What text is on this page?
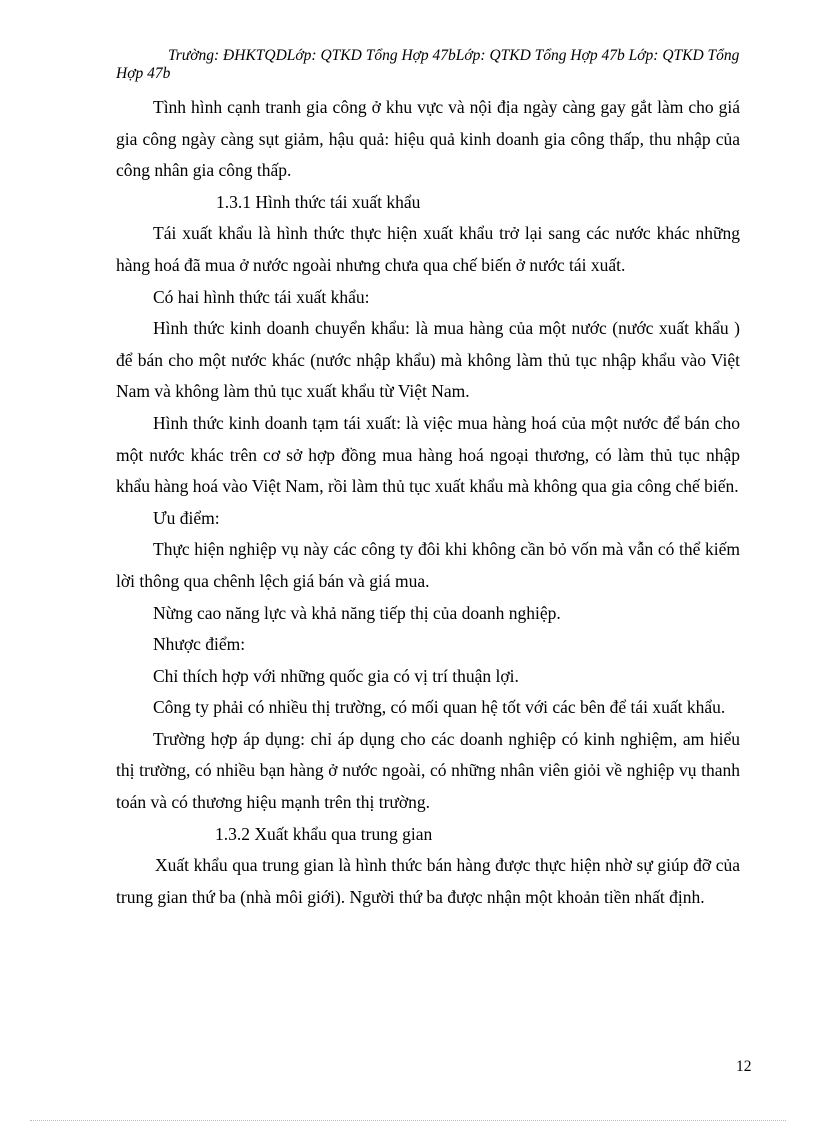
Trường: ĐHKTQDLớp: QTKD Tổng Hợp 47bLớp: QTKD Tổng Hợp 47b Lớp: QTKD Tổng Hợp 47b

Tình hình cạnh tranh gia công ở khu vực và nội địa ngày càng gay gắt làm cho giá gia công ngày càng sụt giảm, hậu quả: hiệu quả kinh doanh gia công thấp, thu nhập của công nhân gia công thấp.

1.3.1 Hình thức tái xuất khẩu

Tái xuất khẩu là hình thức thực hiện xuất khẩu trở lại sang các nước khác những hàng hoá đã mua ở nước ngoài nhưng chưa qua chế biến ở nước tái xuất.

Có hai hình thức tái xuất khẩu:

Hình thức kinh doanh chuyển khẩu: là mua hàng của một nước (nước xuất khẩu ) để bán cho một nước khác (nước nhập khẩu) mà không làm thủ tục nhập khẩu vào Việt Nam và không làm thủ tục xuất khẩu từ Việt Nam.

Hình thức kinh doanh tạm tái xuất: là việc mua hàng hoá của một nước để bán cho một nước khác trên cơ sở hợp đồng mua hàng hoá ngoại thương, có làm thủ tục nhập khẩu hàng hoá vào Việt Nam, rồi làm thủ tục xuất khẩu mà không qua gia công chế biến.

Ưu điểm:

Thực hiện nghiệp vụ này các công ty đôi khi không cần bỏ vốn mà vẫn có thể kiếm lời thông qua chênh lệch giá bán và giá mua.

Nừng cao năng lực và khả năng tiếp thị của doanh nghiệp.

Nhược điểm:

Chỉ thích hợp với những quốc gia có vị trí thuận lợi.

Công ty phải có nhiều thị trường, có mối quan hệ tốt với các bên để tái xuất khẩu.

Trường hợp áp dụng: chỉ áp dụng cho các doanh nghiệp có kinh nghiệm, am hiểu thị trường, có nhiều bạn hàng ở nước ngoài, có những nhân viên giỏi về nghiệp vụ thanh toán và có thương hiệu mạnh trên thị trường.

1.3.2 Xuất khẩu qua trung gian

Xuất khẩu qua trung gian là hình thức bán hàng được thực hiện nhờ sự giúp đỡ của trung gian thứ ba (nhà môi giới). Người thứ ba được nhận một khoản tiền nhất định.

12
